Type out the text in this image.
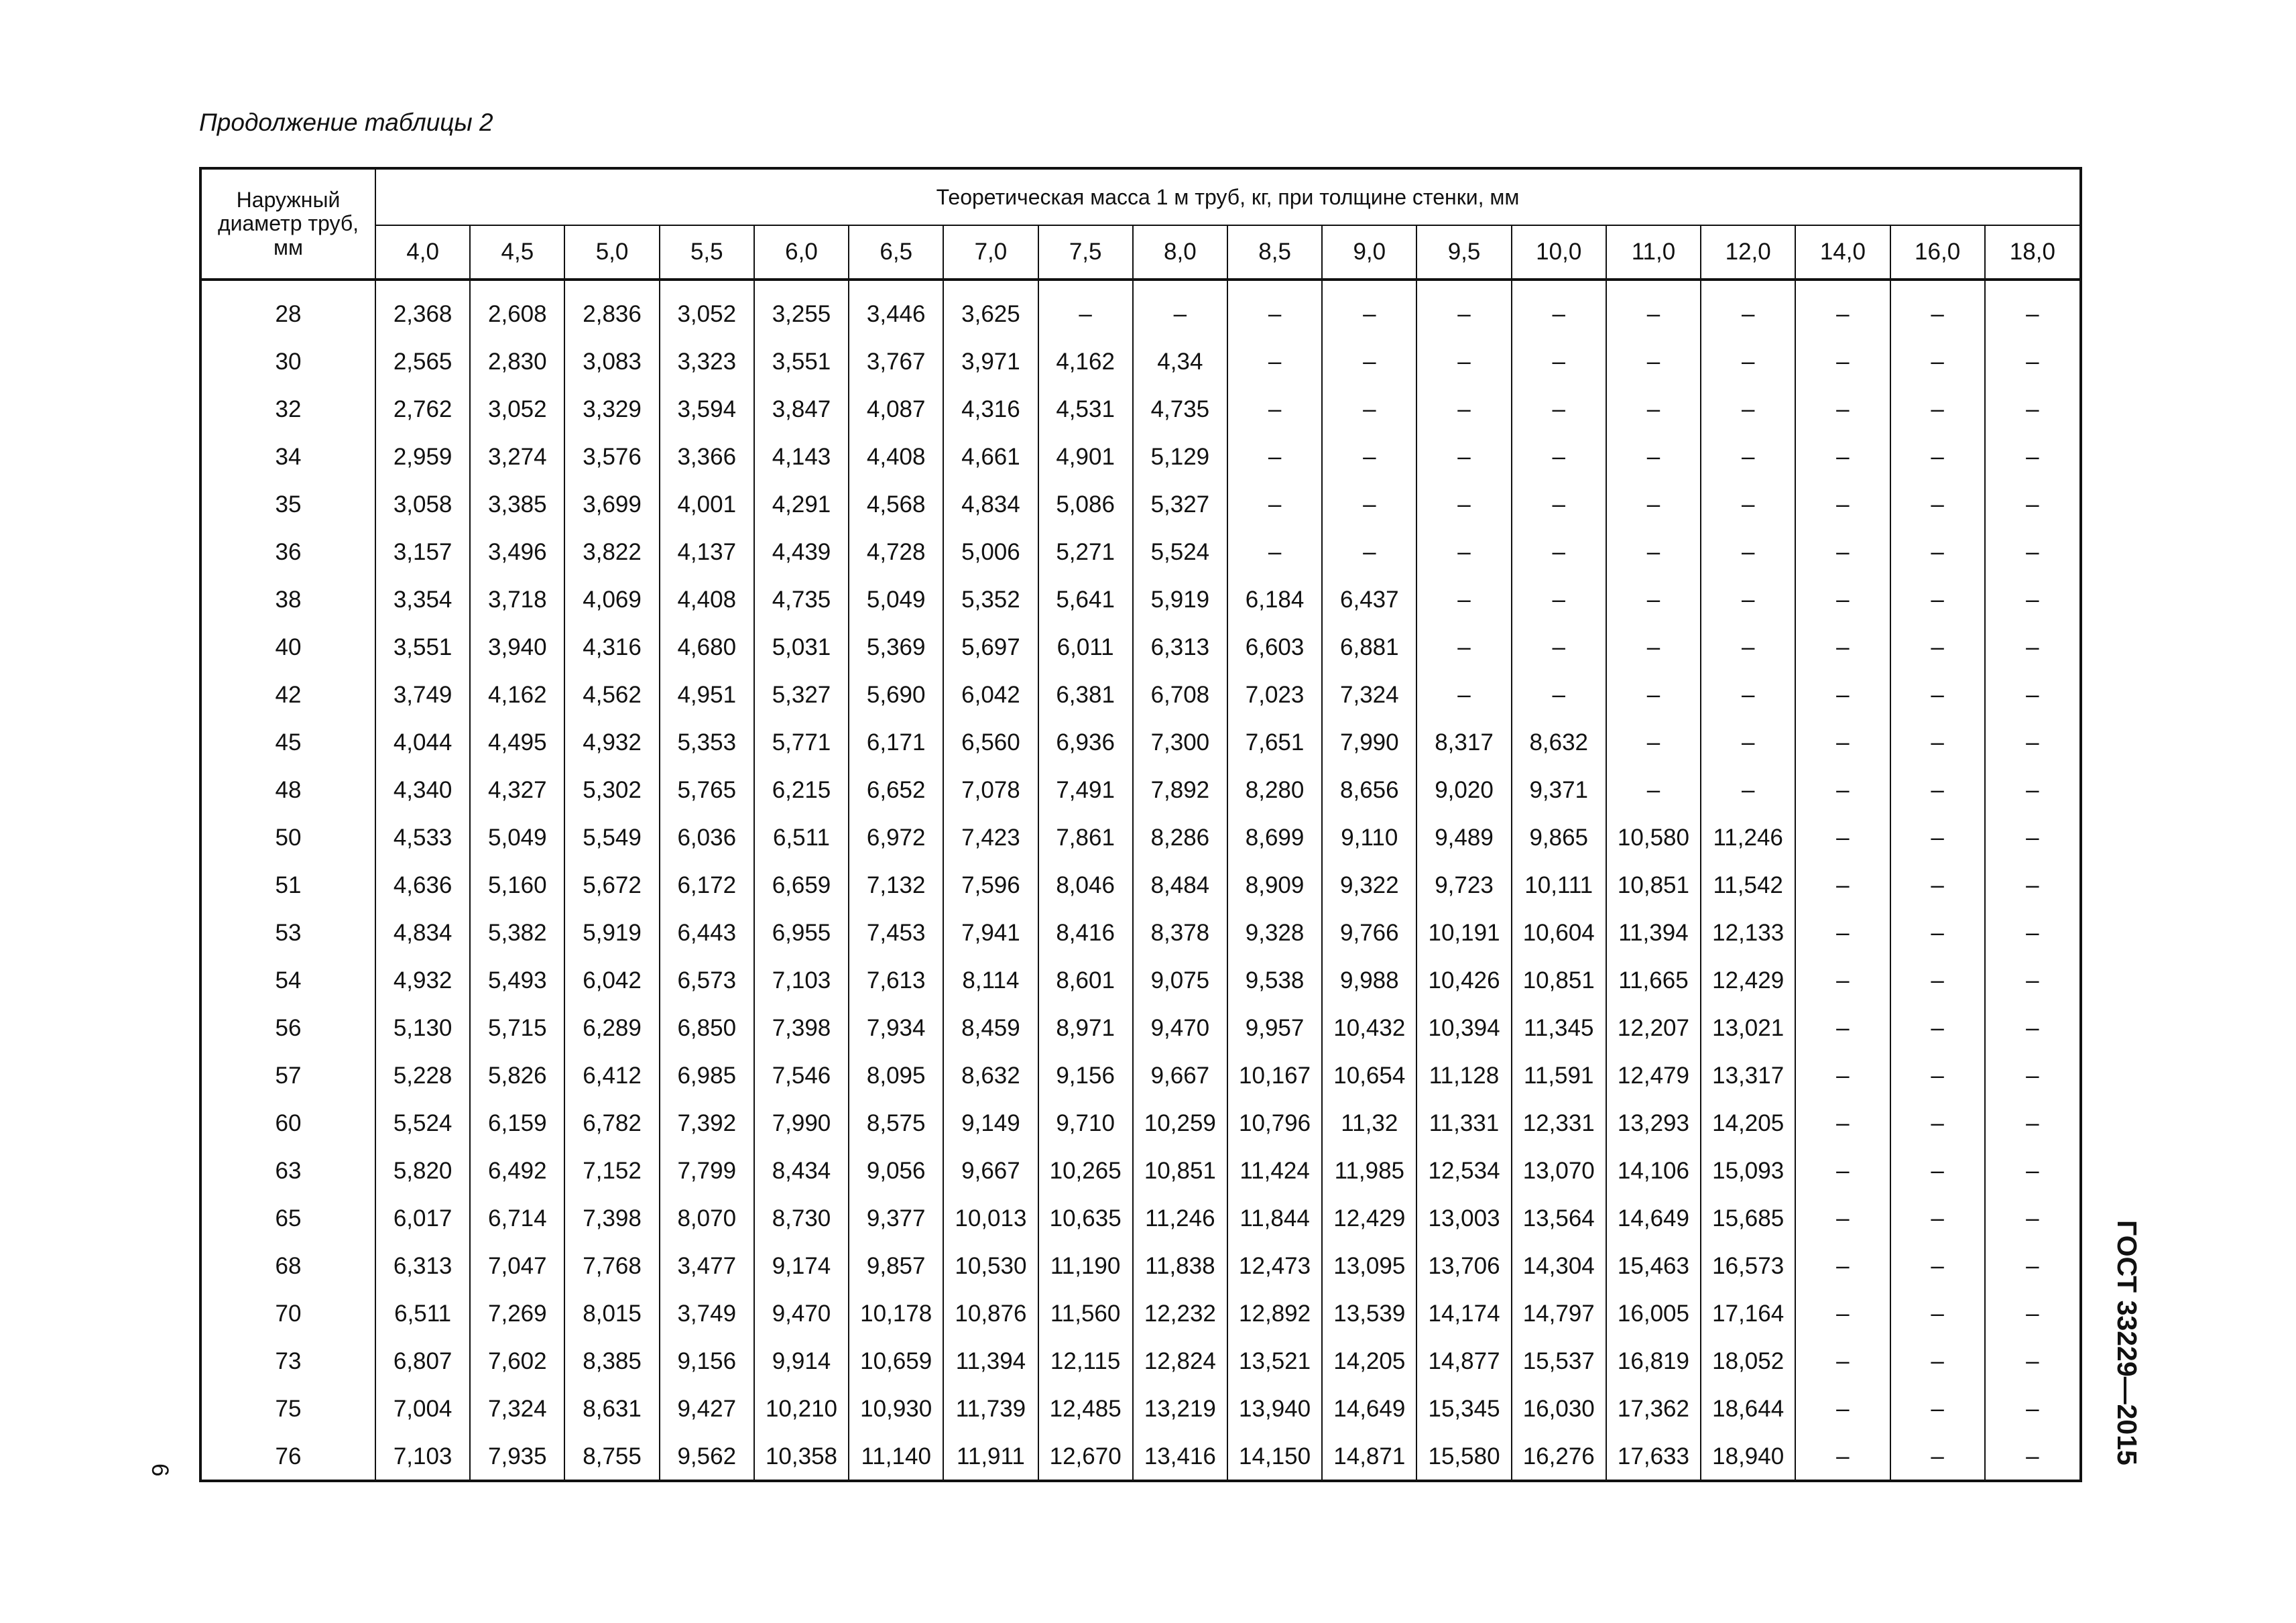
Продолжение таблицы 2
Наружный диаметр труб, мм	Теоретическая масса 1 м труб, кг, при толщине стенки, мм																	
	4,0	4,5	5,0	5,5	6,0	6,5	7,0	7,5	8,0	8,5	9,0	9,5	10,0	11,0	12,0	14,0	16,0	18,0

28	2,368	2,608	2,836	3,052	3,255	3,446	3,625	–	–	–	–	–	–	–	–	–	–	–
30	2,565	2,830	3,083	3,323	3,551	3,767	3,971	4,162	4,34	–	–	–	–	–	–	–	–	–
32	2,762	3,052	3,329	3,594	3,847	4,087	4,316	4,531	4,735	–	–	–	–	–	–	–	–	–
34	2,959	3,274	3,576	3,366	4,143	4,408	4,661	4,901	5,129	–	–	–	–	–	–	–	–	–
35	3,058	3,385	3,699	4,001	4,291	4,568	4,834	5,086	5,327	–	–	–	–	–	–	–	–	–
36	3,157	3,496	3,822	4,137	4,439	4,728	5,006	5,271	5,524	–	–	–	–	–	–	–	–	–
38	3,354	3,718	4,069	4,408	4,735	5,049	5,352	5,641	5,919	6,184	6,437	–	–	–	–	–	–	–
40	3,551	3,940	4,316	4,680	5,031	5,369	5,697	6,011	6,313	6,603	6,881	–	–	–	–	–	–	–
42	3,749	4,162	4,562	4,951	5,327	5,690	6,042	6,381	6,708	7,023	7,324	–	–	–	–	–	–	–
45	4,044	4,495	4,932	5,353	5,771	6,171	6,560	6,936	7,300	7,651	7,990	8,317	8,632	–	–	–	–	–
48	4,340	4,327	5,302	5,765	6,215	6,652	7,078	7,491	7,892	8,280	8,656	9,020	9,371	–	–	–	–	–
50	4,533	5,049	5,549	6,036	6,511	6,972	7,423	7,861	8,286	8,699	9,110	9,489	9,865	10,580	11,246	–	–	–
51	4,636	5,160	5,672	6,172	6,659	7,132	7,596	8,046	8,484	8,909	9,322	9,723	10,111	10,851	11,542	–	–	–
53	4,834	5,382	5,919	6,443	6,955	7,453	7,941	8,416	8,378	9,328	9,766	10,191	10,604	11,394	12,133	–	–	–
54	4,932	5,493	6,042	6,573	7,103	7,613	8,114	8,601	9,075	9,538	9,988	10,426	10,851	11,665	12,429	–	–	–
56	5,130	5,715	6,289	6,850	7,398	7,934	8,459	8,971	9,470	9,957	10,432	10,394	11,345	12,207	13,021	–	–	–
57	5,228	5,826	6,412	6,985	7,546	8,095	8,632	9,156	9,667	10,167	10,654	11,128	11,591	12,479	13,317	–	–	–
60	5,524	6,159	6,782	7,392	7,990	8,575	9,149	9,710	10,259	10,796	11,32	11,331	12,331	13,293	14,205	–	–	–
63	5,820	6,492	7,152	7,799	8,434	9,056	9,667	10,265	10,851	11,424	11,985	12,534	13,070	14,106	15,093	–	–	–
65	6,017	6,714	7,398	8,070	8,730	9,377	10,013	10,635	11,246	11,844	12,429	13,003	13,564	14,649	15,685	–	–	–
68	6,313	7,047	7,768	3,477	9,174	9,857	10,530	11,190	11,838	12,473	13,095	13,706	14,304	15,463	16,573	–	–	–
70	6,511	7,269	8,015	3,749	9,470	10,178	10,876	11,560	12,232	12,892	13,539	14,174	14,797	16,005	17,164	–	–	–
73	6,807	7,602	8,385	9,156	9,914	10,659	11,394	12,115	12,824	13,521	14,205	14,877	15,537	16,819	18,052	–	–	–
75	7,004	7,324	8,631	9,427	10,210	10,930	11,739	12,485	13,219	13,940	14,649	15,345	16,030	17,362	18,644	–	–	–
76	7,103	7,935	8,755	9,562	10,358	11,140	11,911	12,670	13,416	14,150	14,871	15,580	16,276	17,633	18,940	–	–	–	ГОСТ 33229—2015
6
